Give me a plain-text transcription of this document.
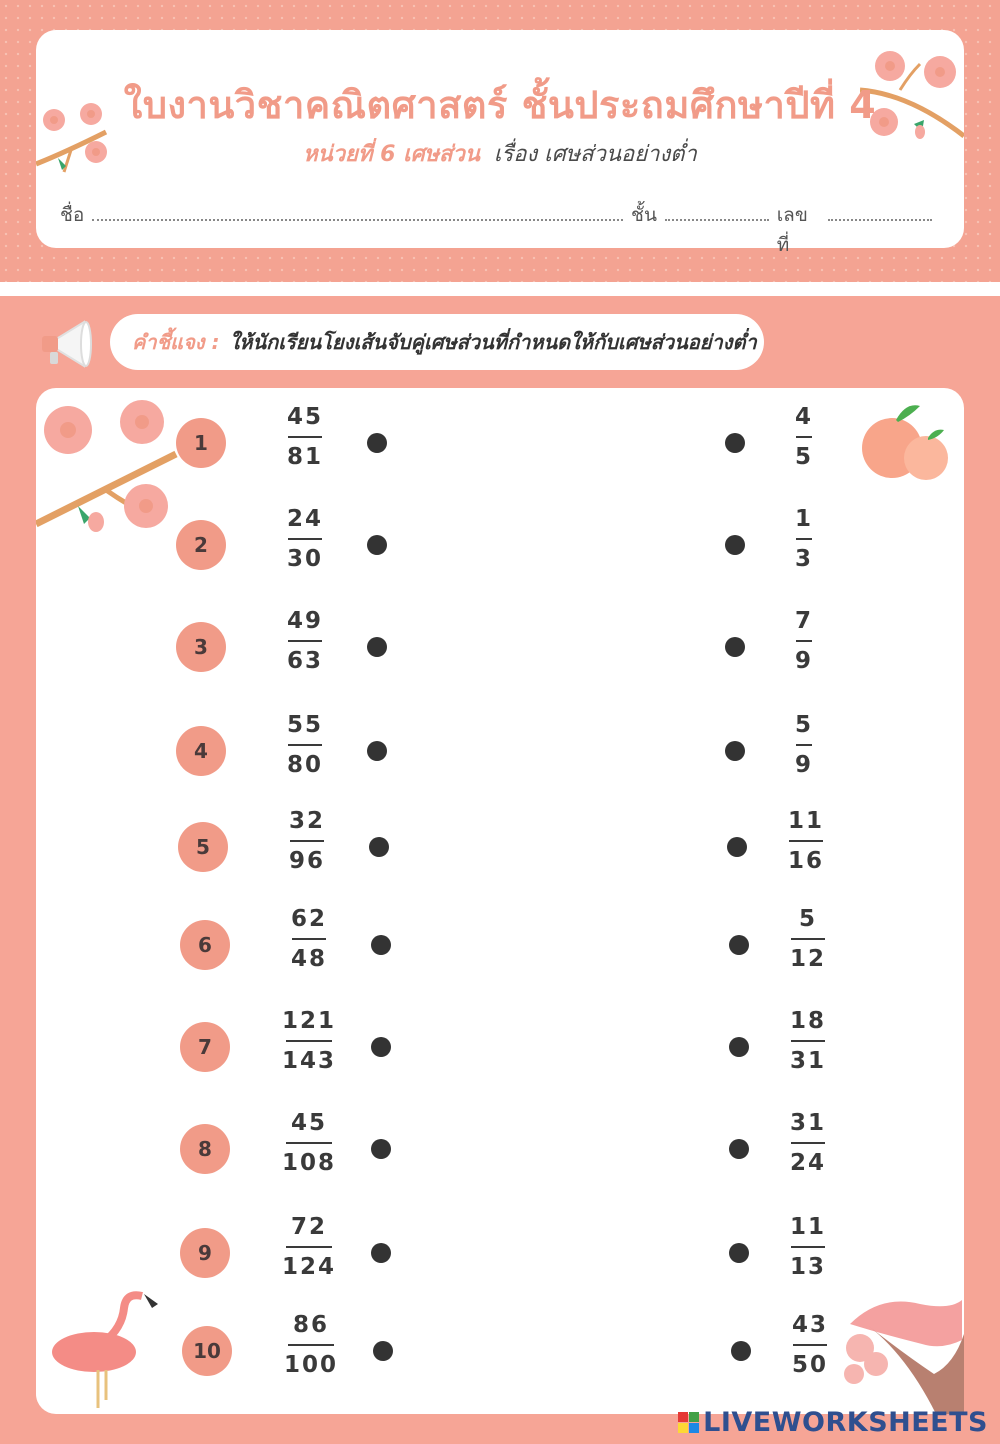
ใบงานวิชาคณิตศาสตร์ ชั้นประถมศึกษาปีที่ 4
หน่วยที่ 6 เศษส่วน เรื่อง เศษส่วนอย่างต่ำ
ชื่อ	ชั้น	เลขที่
คำชี้แจง : ให้นักเรียนโยงเส้นจับคู่เศษส่วนที่กำหนดให้กับเศษส่วนอย่างต่ำ
1
45
81
4
5
2
24
30
1
3
3
49
63
7
9
4
55
80
5
9
5
32
96
11
16
6
62
48
5
12
7
121
143
18
31
8
45
108
31
24
9
72
124
11
13
10
86
100
43
50
LIVEWORKSHEETS
